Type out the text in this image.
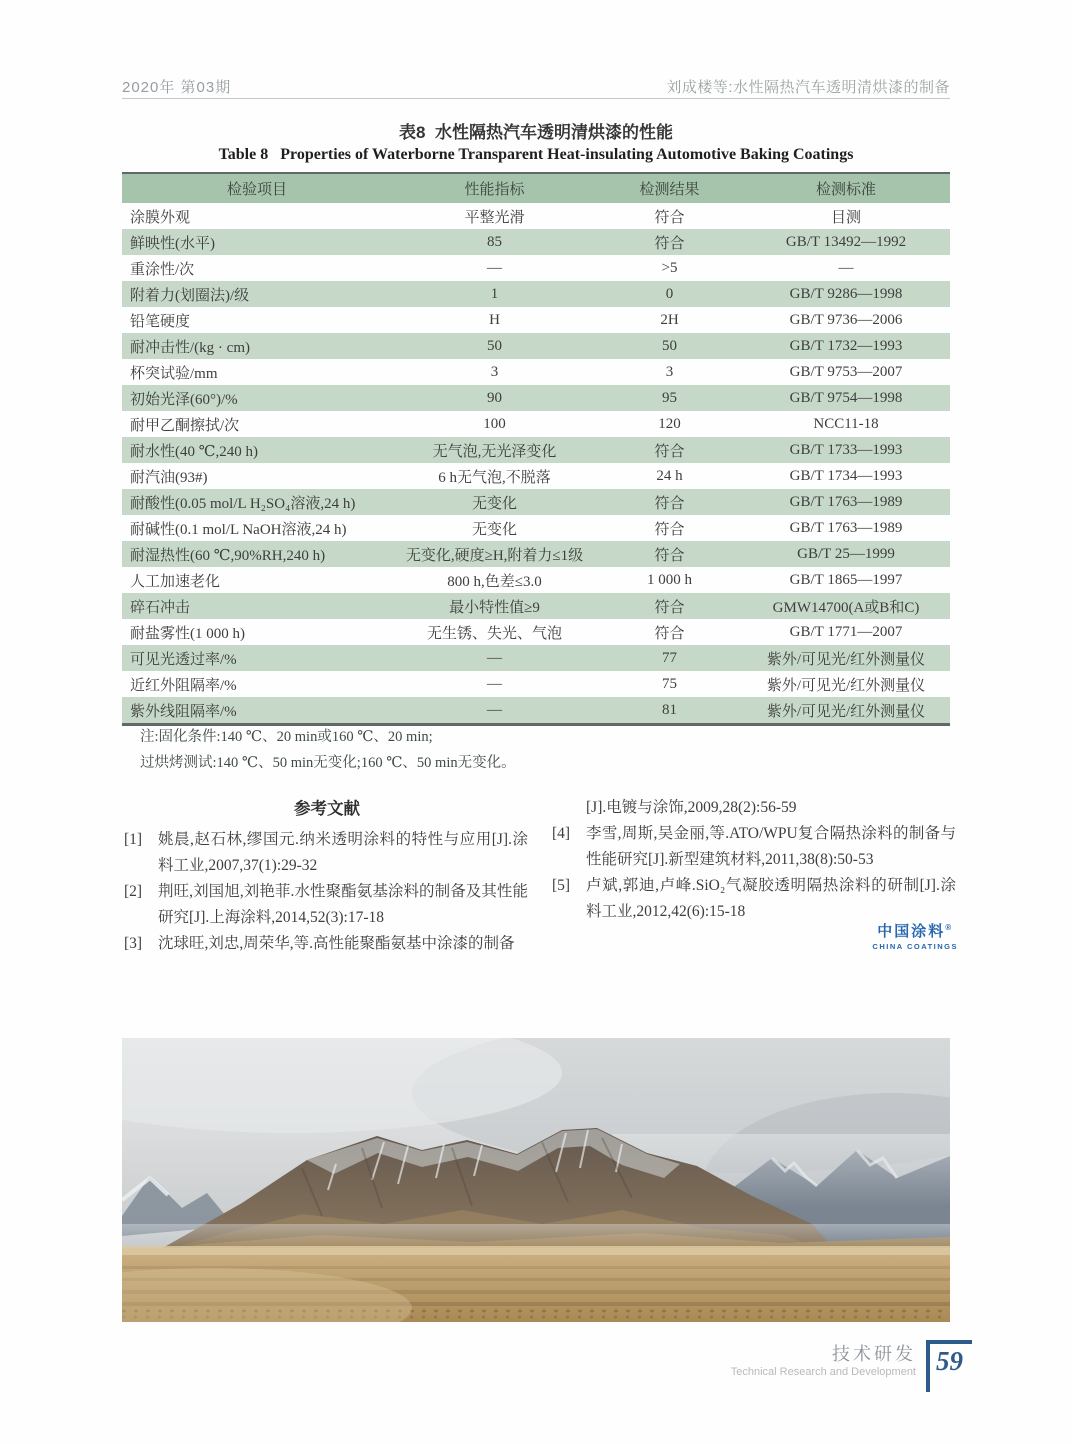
2020年 第03期	刘成楼等:水性隔热汽车透明清烘漆的制备
表8  水性隔热汽车透明清烘漆的性能
Table 8   Properties of Waterborne Transparent Heat-insulating Automotive Baking Coatings
检验项目	性能指标	检测结果	检测标准
涂膜外观	平整光滑	符合	目测
鲜映性(水平)	85	符合	GB/T 13492—1992
重涂性/次	—	>5	—
附着力(划圈法)/级	1	0	GB/T 9286—1998
铅笔硬度	H	2H	GB/T 9736—2006
耐冲击性/(kg · cm)	50	50	GB/T 1732—1993
杯突试验/mm	3	3	GB/T 9753—2007
初始光泽(60°)/%	90	95	GB/T 9754—1998
耐甲乙酮擦拭/次	100	120	NCC11-18
耐水性(40 ℃,240 h)	无气泡,无光泽变化	符合	GB/T 1733—1993
耐汽油(93#)	6 h无气泡,不脱落	24 h	GB/T 1734—1993
耐酸性(0.05 mol/L H₂SO₄溶液,24 h)	无变化	符合	GB/T 1763—1989
耐碱性(0.1 mol/L NaOH溶液,24 h)	无变化	符合	GB/T 1763—1989
耐湿热性(60 ℃,90%RH,240 h)	无变化,硬度≥H,附着力≤1级	符合	GB/T 25—1999
人工加速老化	800 h,色差≤3.0	1 000 h	GB/T 1865—1997
碎石冲击	最小特性值≥9	符合	GMW14700(A或B和C)
耐盐雾性(1 000 h)	无生锈、失光、气泡	符合	GB/T 1771—2007
可见光透过率/%	—	77	紫外/可见光/红外测量仪
近红外阻隔率/%	—	75	紫外/可见光/红外测量仪
紫外线阻隔率/%	—	81	紫外/可见光/红外测量仪
注:固化条件:140 ℃、20 min或160 ℃、20 min;
过烘烤测试:140 ℃、50 min无变化;160 ℃、50 min无变化。
参考文献
[1]	姚晨,赵石林,缪国元.纳米透明涂料的特性与应用[J].涂料工业,2007,37(1):29-32
[2]	荆旺,刘国旭,刘艳菲.水性聚酯氨基涂料的制备及其性能研究[J].上海涂料,2014,52(3):17-18
[3]	沈球旺,刘忠,周荣华,等.高性能聚酯氨基中涂漆的制备
[J].电镀与涂饰,2009,28(2):56-59
[4]	李雪,周斯,吴金丽,等.ATO/WPU复合隔热涂料的制备与性能研究[J].新型建筑材料,2011,38(8):50-53
[5]	卢斌,郭迪,卢峰.SiO₂气凝胶透明隔热涂料的研制[J].涂料工业,2012,42(6):15-18
中国涂料®
CHINA COATINGS
技术研发
Technical Research and Development 59
